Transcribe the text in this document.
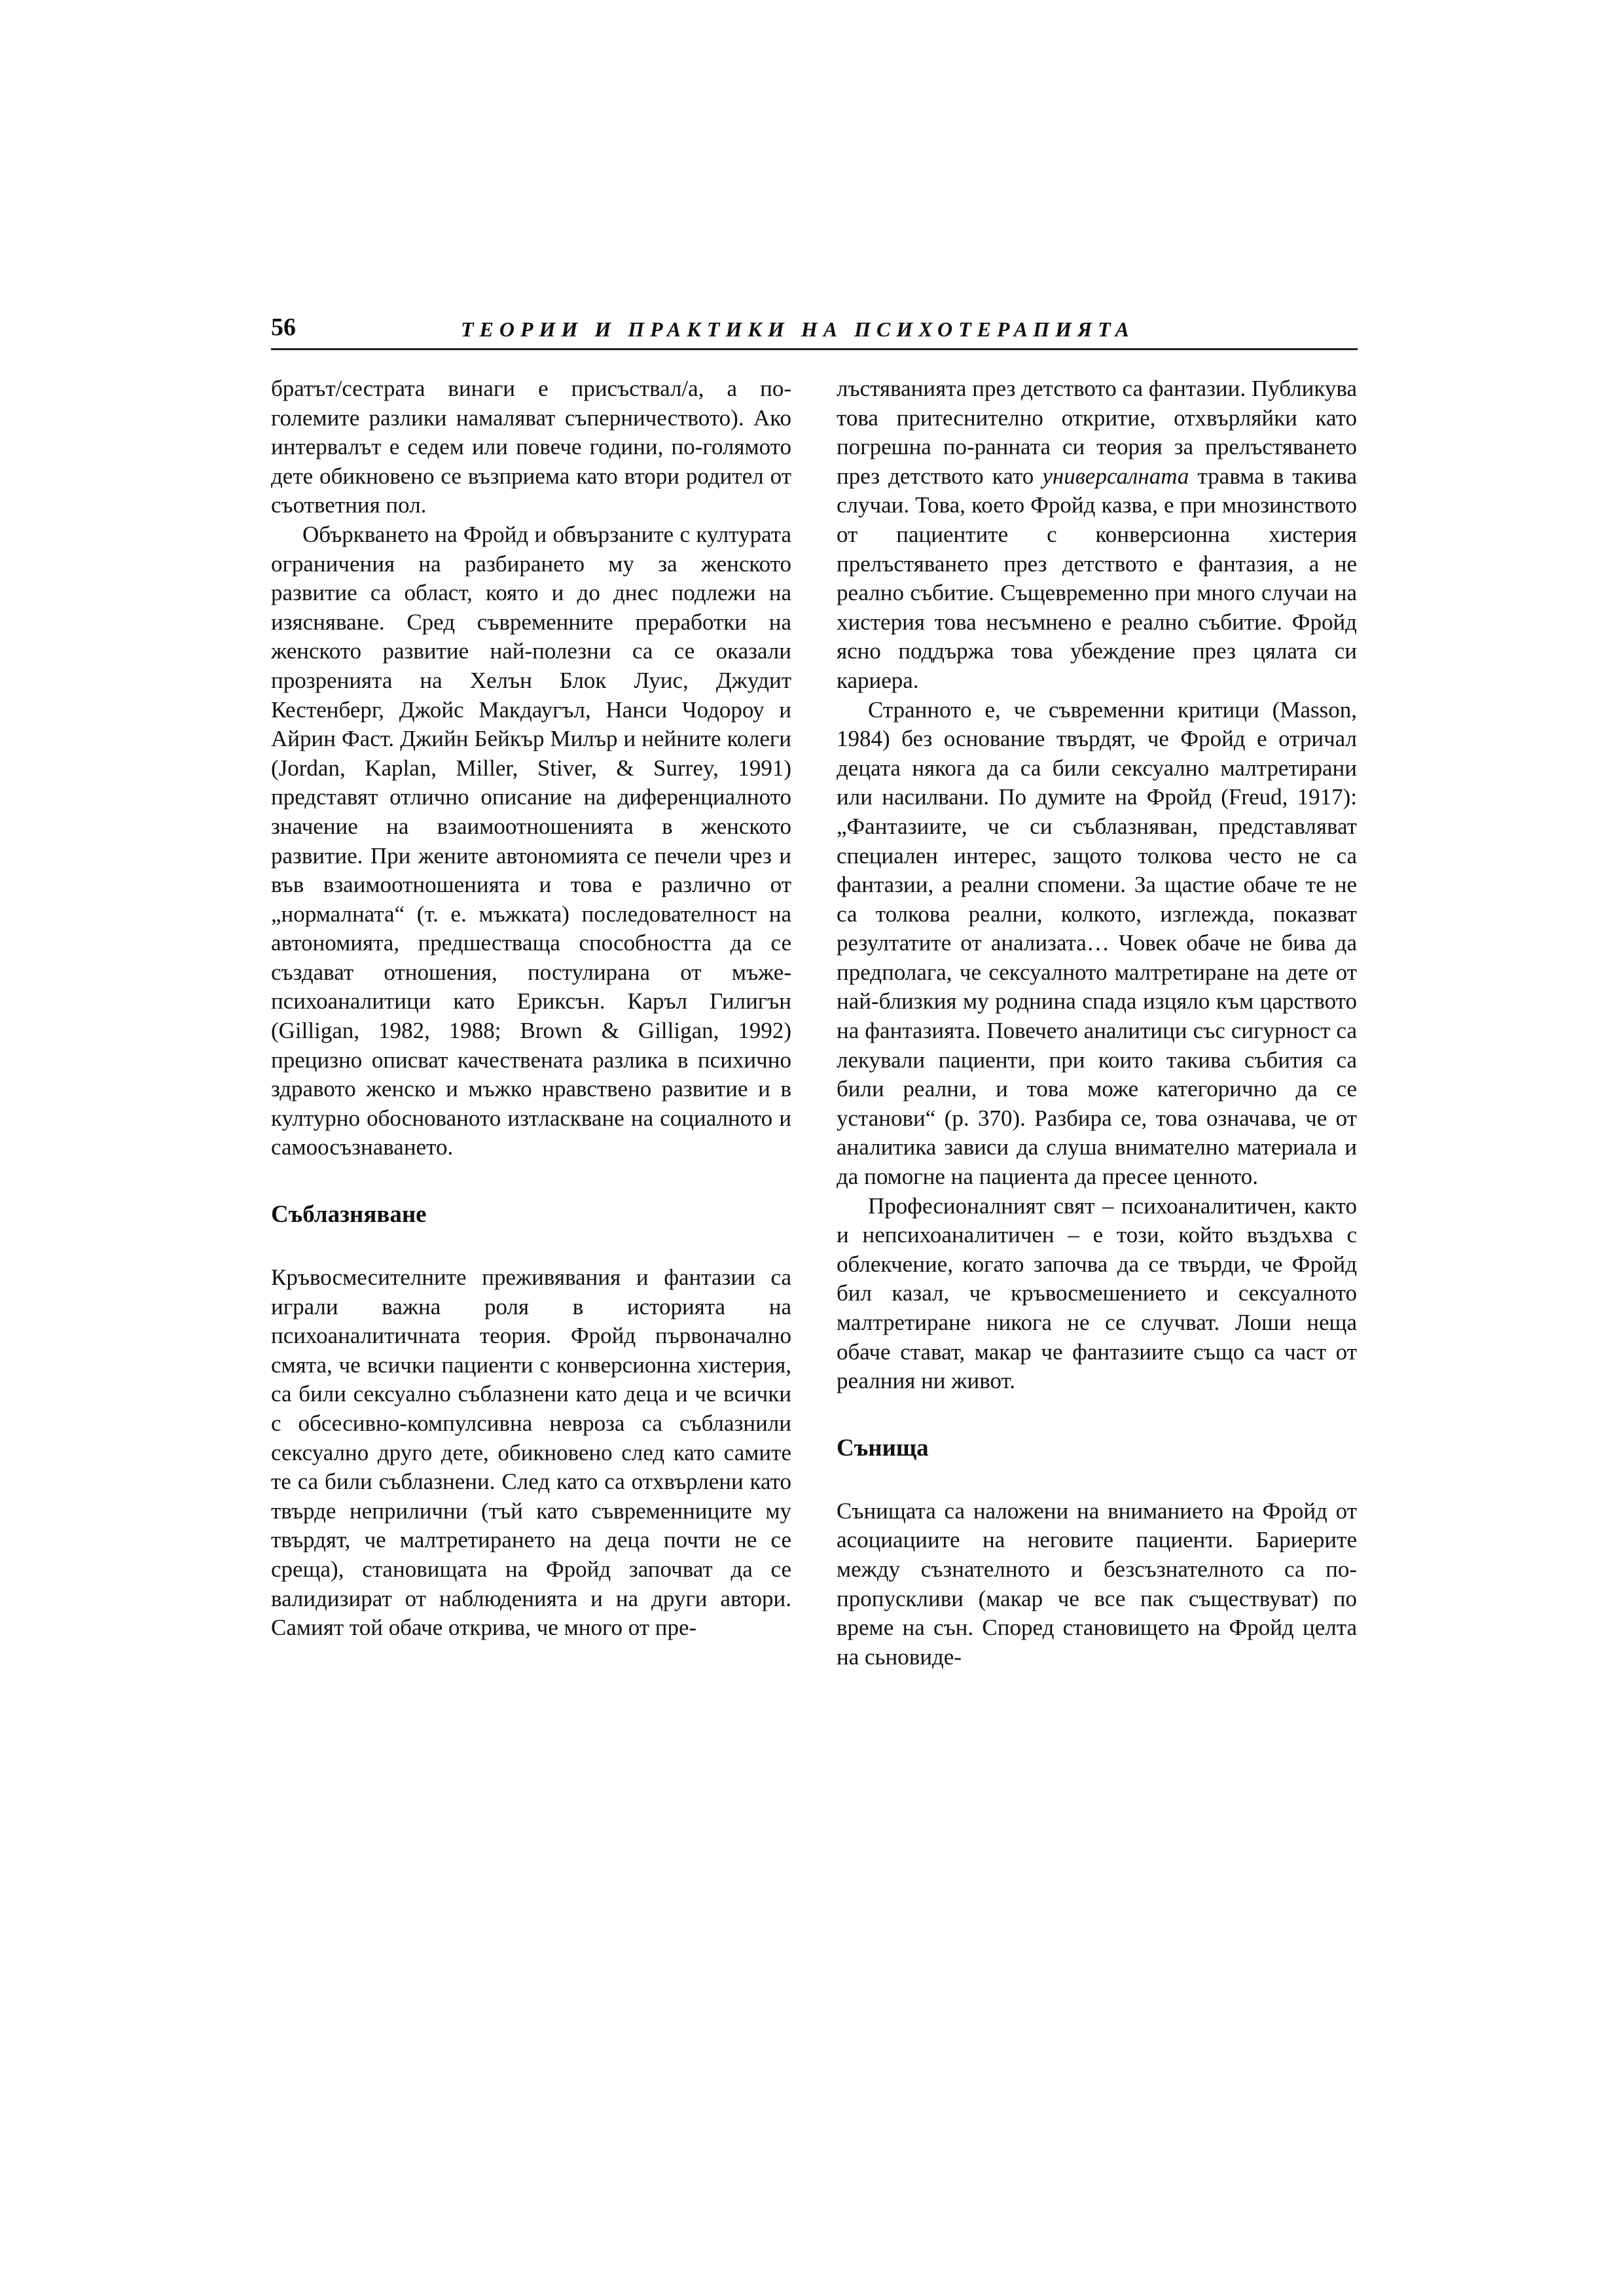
56	ТЕОРИИ И ПРАКТИКИ НА ПСИХОТЕРАПИЯТА

братът/сестрата винаги е присъствал/а, а по-големите разлики намаляват съперничеството). Ако интервалът е седем или повече години, по-голямото дете обикновено се възприема като втори родител от съответния пол.

Объркването на Фройд и обвързаните с културата ограничения на разбирането му за женското развитие са област, която и до днес подлежи на изясняване. Сред съвременните преработки на женското развитие най-полезни са се оказали прозренията на Хелън Блок Луис, Джудит Кестенберг, Джойс Макдаугъл, Нанси Чодороу и Айрин Фаст. Джийн Бейкър Милър и нейните колеги (Jordan, Kaplan, Miller, Stiver, & Surrey, 1991) представят отлично описание на диференциалното значение на взаимоотношенията в женското развитие. При жените автономията се печели чрез и във взаимоотношенията и това е различно от „нормалната“ (т. е. мъжката) последователност на автономията, предшестваща способността да се създават отношения, постулирана от мъже-психоаналитици като Ериксън. Каръл Гилигън (Gilligan, 1982, 1988; Brown & Gilligan, 1992) прецизно описват качествената разлика в психично здравото женско и мъжко нравствено развитие и в културно обоснованото изтласкване на социалното и самоосъзнаването.

Съблазняване

Кръвосмесителните преживявания и фантазии са играли важна роля в историята на психоаналитичната теория. Фройд първоначално смята, че всички пациенти с конверсионна хистерия, са били сексуално съблазнени като деца и че всички с обсесивно-компулсивна невроза са съблазнили сексуално друго дете, обикновено след като самите те са били съблазнени. След като са отхвърлени като твърде неприлични (тъй като съвременниците му твърдят, че малтретирането на деца почти не се среща), становищата на Фройд започват да се валидизират от наблюденията и на други автори. Самият той обаче открива, че много от пре-

лъстяванията през детството са фантазии. Публикува това притеснително откритие, отхвърляйки като погрешна по-ранната си теория за прелъстяването през детството като универсалната травма в такива случаи. Това, което Фройд казва, е при мнозинството от пациентите с конверсионна хистерия прелъстяването през детството е фантазия, а не реално събитие. Същевременно при много случаи на хистерия това несъмнено е реално събитие. Фройд ясно поддържа това убеждение през цялата си кариера.

Странното е, че съвременни критици (Masson, 1984) без основание твърдят, че Фройд е отричал децата някога да са били сексуално малтретирани или насилвани. По думите на Фройд (Freud, 1917): „Фантазиите, че си съблазняван, представляват специален интерес, защото толкова често не са фантазии, а реални спомени. За щастие обаче те не са толкова реални, колкото, изглежда, показват резултатите от анализата… Човек обаче не бива да предполага, че сексуалното малтретиране на дете от най-близкия му роднина спада изцяло към царството на фантазията. Повечето аналитици със сигурност са лекували пациенти, при които такива събития са били реални, и това може категорично да се установи“ (p. 370). Разбира се, това означава, че от аналитика зависи да слуша внимателно материала и да помогне на пациента да пресее ценното.

Професионалният свят – психоаналитичен, както и непсихоаналитичен – е този, който въздъхва с облекчение, когато започва да се твърди, че Фройд бил казал, че кръвосмешението и сексуалното малтретиране никога не се случват. Лоши неща обаче стават, макар че фантазиите също са част от реалния ни живот.

Сънища

Сънищата са наложени на вниманието на Фройд от асоциациите на неговите пациенти. Бариерите между съзнателното и безсъзнателното са по-пропускливи (макар че все пак съществуват) по време на сън. Според становището на Фройд целта на сьновиде-
